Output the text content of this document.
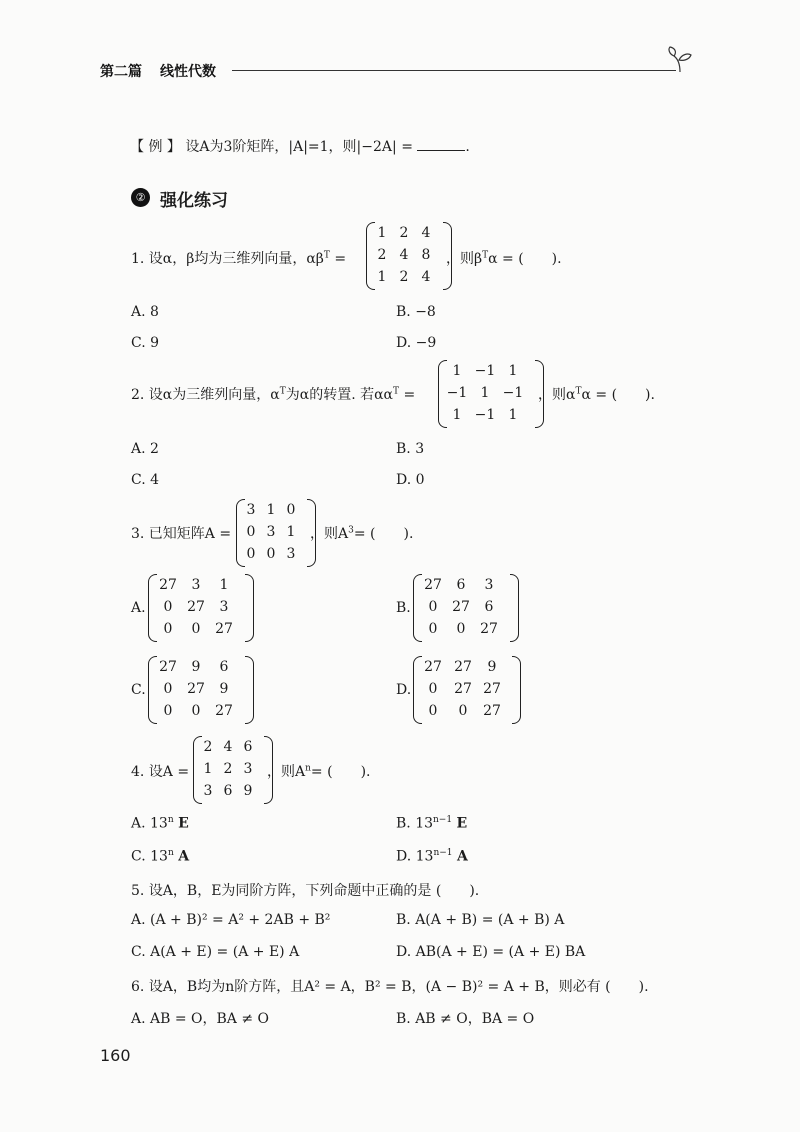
第二篇 线性代数
【 例 】 设A为3阶矩阵，|A|=1，则|−2A| =	.
② 强化练习
1. 设α，β均为三维列向量，$\alpha\beta^T$ =
1 2 4
2 4 8
1 2 4
，则$\beta^T\alpha$ = (　　).
A. 8	B. −8
C. 9	D. −9
2. 设α为三维列向量，$\alpha^T$为α的转置. 若$\alpha\alpha^T$ =
1 −1 1
−1 1 −1
1 −1 1
，则$\alpha^T\alpha$ = (　　).
A. 2	B. 3
C. 4	D. 0
3. 已知矩阵A =
3 1 0
0 3 1
0 0 3
，则$A^3=$ (　　).
A.
27 3 1
0 27 3
0 0 27
B.
27 6 3
0 27 6
0 0 27
C.
27 9 6
0 27 9
0 0 27
D.
27 27 9
0 27 27
0 0 27
4. 设A =
2 4 6
1 2 3
3 6 9
，则$A^n=$ (　　).
A. 13$^n$ E	B. $13^{n-1}$ E
C. 13$^n$ A	D. $13^{n-1}$ A
5. 设A，B，E为同阶方阵，下列命题中正确的是 (　　).
A. (A + B)² = A² + 2AB + B²	B. A(A + B) = (A + B) A
C. A(A + E) = (A + E) A	D. AB(A + E) = (A + E) BA
6. 设A，B均为n阶方阵，且A² = A，B² = B，(A − B)² = A + B，则必有 (　　).
A. AB = O，BA ≠ O	B. AB ≠ O，BA = O
160
